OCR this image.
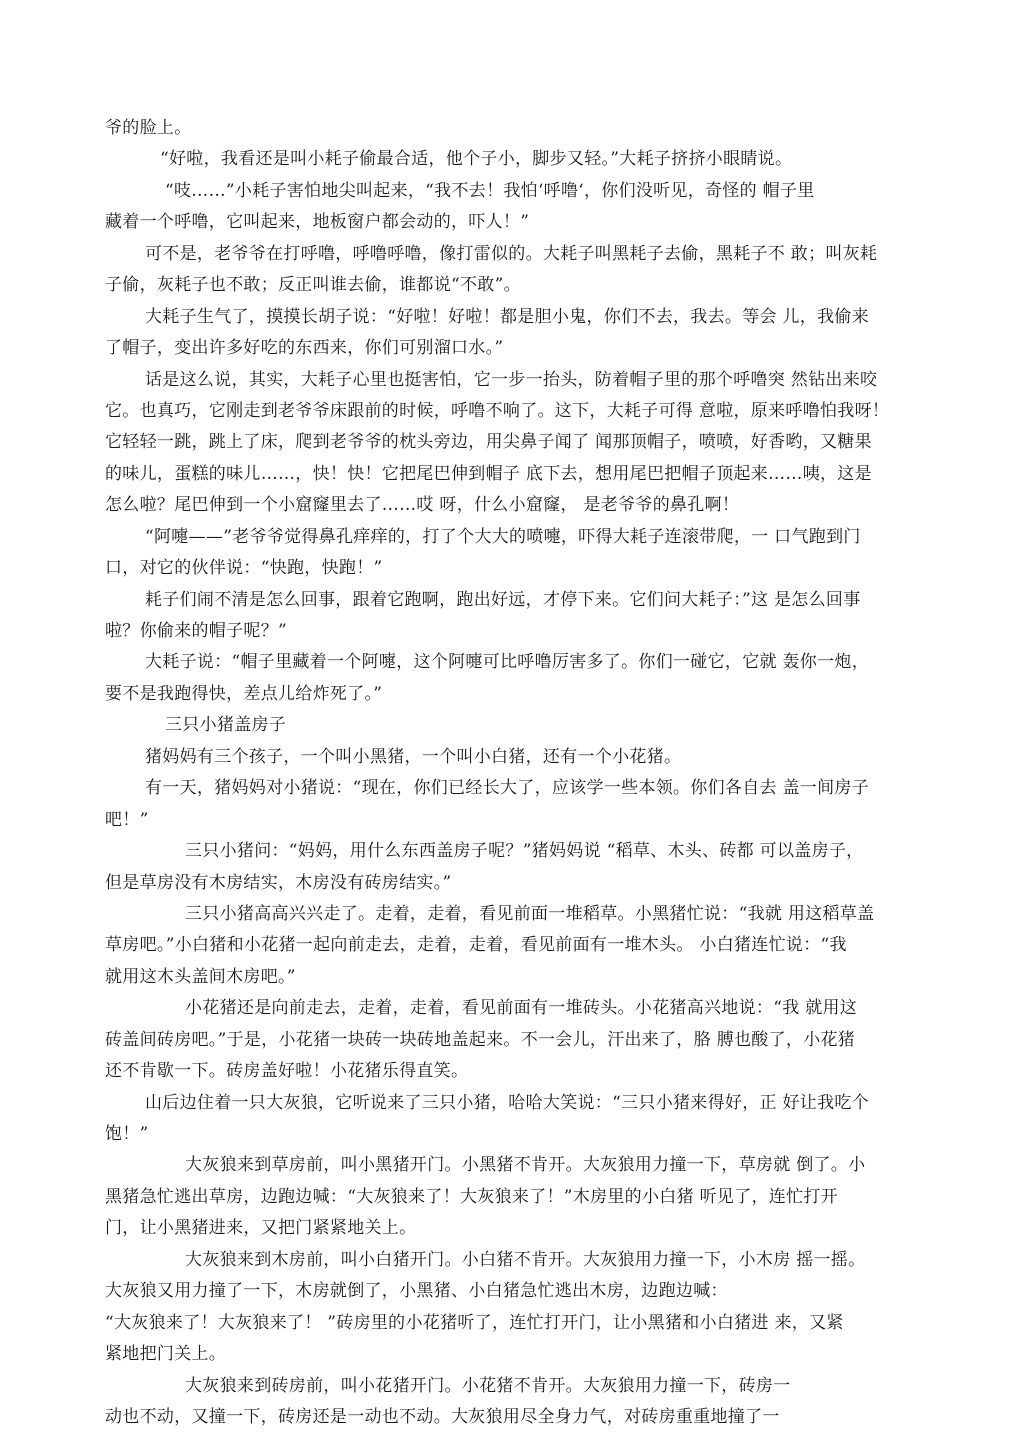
爷的脸上。

“好啦，我看还是叫小耗子偷最合适，他个子小，脚步又轻。”大耗子挤挤小眼睛说。

“吱……”小耗子害怕地尖叫起来，“我不去！我怕‘呼噜‘，你们没听见，奇怪的 帽子里

藏着一个呼噜，它叫起来，地板窗户都会动的，吓人！”

可不是，老爷爷在打呼噜，呼噜呼噜，像打雷似的。大耗子叫黑耗子去偷，黑耗子不 敢；叫灰耗

子偷，灰耗子也不敢；反正叫谁去偷，谁都说“不敢”。

大耗子生气了，摸摸长胡子说：“好啦！好啦！都是胆小鬼，你们不去，我去。等会 儿，我偷来

了帽子，变出许多好吃的东西来，你们可别溜口水。”

话是这么说，其实，大耗子心里也挺害怕，它一步一抬头，防着帽子里的那个呼噜突 然钻出来咬

它。也真巧，它刚走到老爷爷床跟前的时候，呼噜不响了。这下，大耗子可得 意啦，原来呼噜怕我呀！

它轻轻一跳，跳上了床，爬到老爷爷的枕头旁边，用尖鼻子闻了 闻那顶帽子，喷喷，好香哟，又糖果

的味儿，蛋糕的味儿……，快！快！它把尾巴伸到帽子 底下去，想用尾巴把帽子顶起来……咦，这是

怎么啦？尾巴伸到一个小窟窿里去了……哎 呀，什么小窟窿， 是老爷爷的鼻孔啊！

“阿嚏——”老爷爷觉得鼻孔痒痒的，打了个大大的喷嚏，吓得大耗子连滚带爬，一 口气跑到门

口，对它的伙伴说：“快跑，快跑！”

耗子们闹不清是怎么回事，跟着它跑啊，跑出好远，才停下来。它们问大耗子：”这 是怎么回事

啦？你偷来的帽子呢？”

大耗子说：“帽子里藏着一个阿嚏，这个阿嚏可比呼噜厉害多了。你们一碰它，它就 轰你一炮，

要不是我跑得快，差点儿给炸死了。”

三只小猪盖房子

猪妈妈有三个孩子，一个叫小黑猪，一个叫小白猪，还有一个小花猪。

有一天，猪妈妈对小猪说：“现在，你们已经长大了，应该学一些本领。你们各自去 盖一间房子

吧！”

三只小猪问：“妈妈，用什么东西盖房子呢？”猪妈妈说 “稻草、木头、砖都 可以盖房子，

但是草房没有木房结实，木房没有砖房结实。”

三只小猪高高兴兴走了。走着，走着，看见前面一堆稻草。小黑猪忙说：“我就 用这稻草盖

草房吧。”小白猪和小花猪一起向前走去，走着，走着，看见前面有一堆木头。 小白猪连忙说：“我

就用这木头盖间木房吧。”

小花猪还是向前走去，走着，走着，看见前面有一堆砖头。小花猪高兴地说：“我 就用这

砖盖间砖房吧。”于是，小花猪一块砖一块砖地盖起来。不一会儿，汗出来了，胳 膊也酸了，小花猪

还不肯歇一下。砖房盖好啦！小花猪乐得直笑。

山后边住着一只大灰狼，它听说来了三只小猪，哈哈大笑说：“三只小猪来得好，正 好让我吃个

饱！”

大灰狼来到草房前，叫小黑猪开门。小黑猪不肯开。大灰狼用力撞一下，草房就 倒了。小

黑猪急忙逃出草房，边跑边喊：“大灰狼来了！大灰狼来了！”木房里的小白猪 听见了，连忙打开

门，让小黑猪进来，又把门紧紧地关上。

大灰狼来到木房前，叫小白猪开门。小白猪不肯开。大灰狼用力撞一下，小木房 摇一摇。

大灰狼又用力撞了一下，木房就倒了，小黑猪、小白猪急忙逃出木房，边跑边喊：

“大灰狼来了！大灰狼来了！ ”砖房里的小花猪听了，连忙打开门，让小黑猪和小白猪进 来，又紧

紧地把门关上。

大灰狼来到砖房前，叫小花猪开门。小花猪不肯开。大灰狼用力撞一下，砖房一

动也不动，又撞一下，砖房还是一动也不动。大灰狼用尽全身力气，对砖房重重地撞了一
